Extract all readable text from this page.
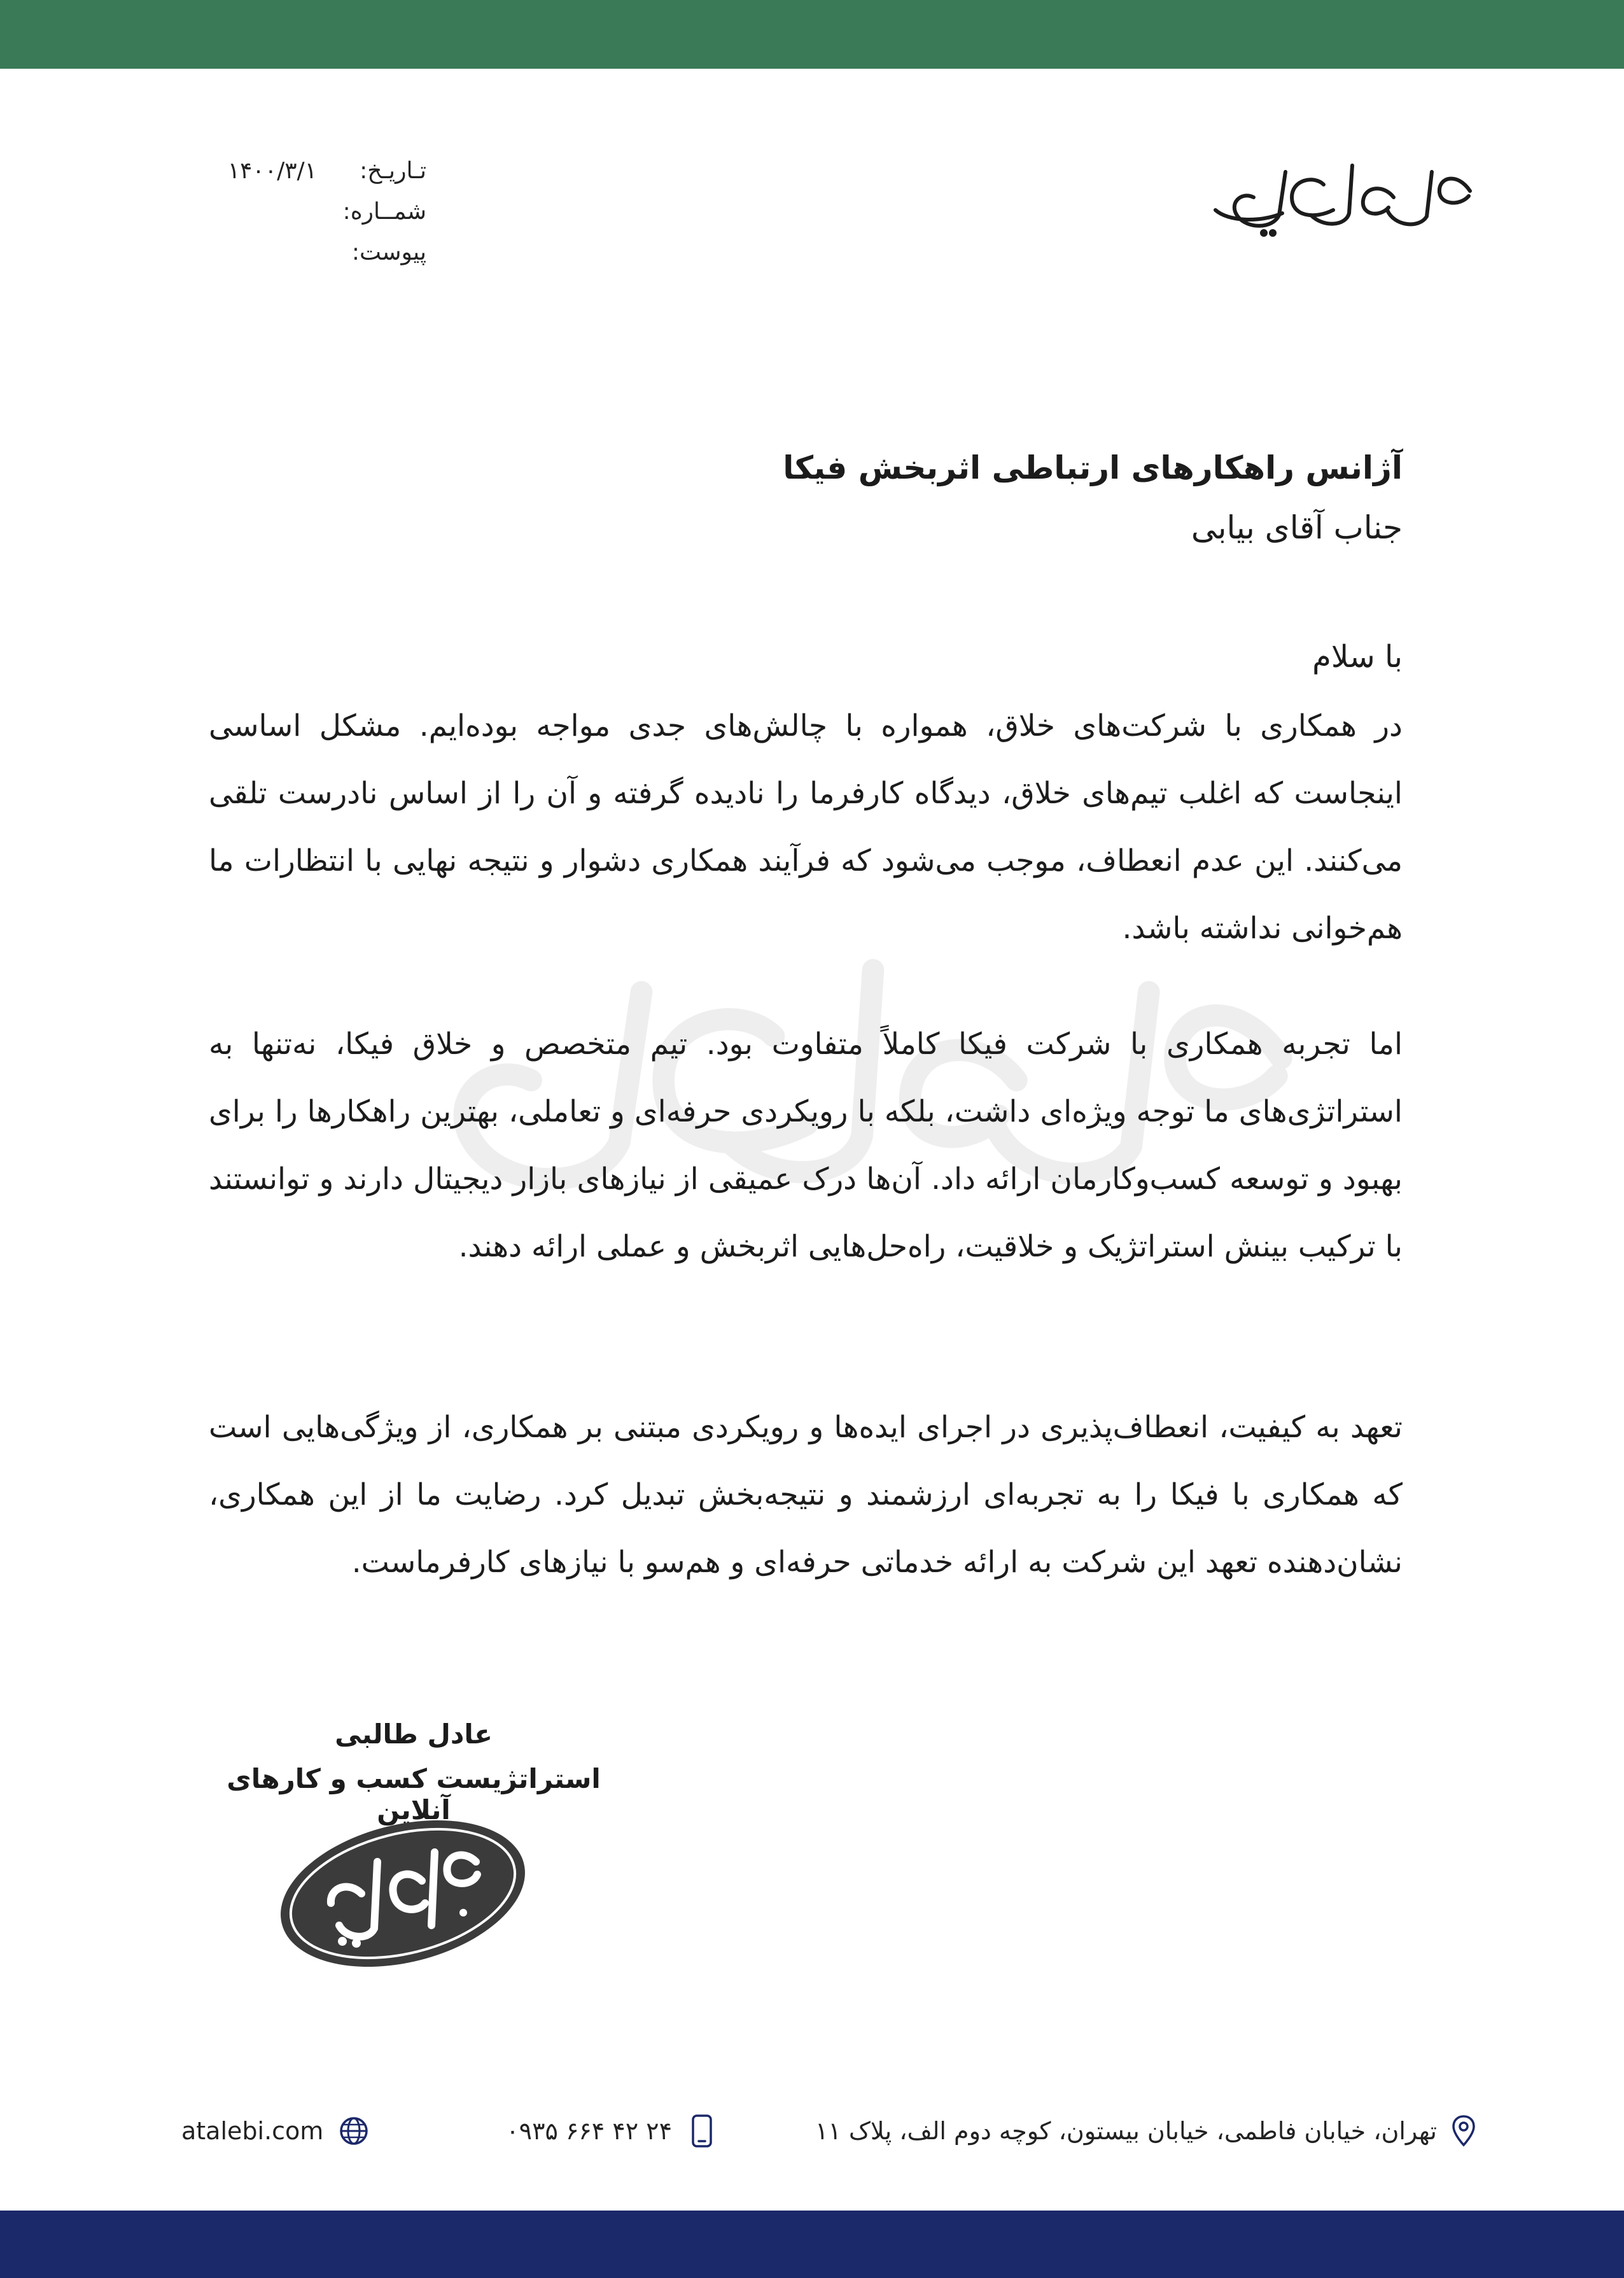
تـاریـخ:
۱۴۰۰/۳/۱
شمــاره:
پیوست:
آژانس راهکارهای ارتباطی اثربخش فیکا
جناب آقای بیابی
با سلام
در همکاری با شرکت‌های خلاق، همواره با چالش‌های جدی مواجه بوده‌ایم. مشکل اساسی اینجاست که اغلب تیم‌های خلاق، دیدگاه کارفرما را نادیده گرفته و آن را از اساس نادرست تلقی می‌کنند. این عدم انعطاف، موجب می‌شود که فرآیند همکاری دشوار و نتیجه نهایی با انتظارات ما هم‌خوانی نداشته باشد.
اما تجربه همکاری با شرکت فیکا کاملاً متفاوت بود. تیم متخصص و خلاق فیکا، نه‌تنها به استراتژی‌های ما توجه ویژه‌ای داشت، بلکه با رویکردی حرفه‌ای و تعاملی، بهترین راهکارها را برای بهبود و توسعه کسب‌وکارمان ارائه داد. آن‌ها درک عمیقی از نیازهای بازار دیجیتال دارند و توانستند با ترکیب بینش استراتژیک و خلاقیت، راه‌حل‌هایی اثربخش و عملی ارائه دهند.
تعهد به کیفیت، انعطاف‌پذیری در اجرای ایده‌ها و رویکردی مبتنی بر همکاری، از ویژگی‌هایی است که همکاری با فیکا را به تجربه‌ای ارزشمند و نتیجه‌بخش تبدیل کرد. رضایت ما از این همکاری، نشان‌دهنده تعهد این شرکت به ارائه خدماتی حرفه‌ای و هم‌سو با نیازهای کارفرماست.
عادل طالبی
استراتژیست کسب و کارهای آنلاین
تهران، خیابان فاطمی، خیابان بیستون، کوچه دوم الف، پلاک ۱۱
۰۹۳۵ ۶۶۴ ۴۲ ۲۴
atalebi.com
